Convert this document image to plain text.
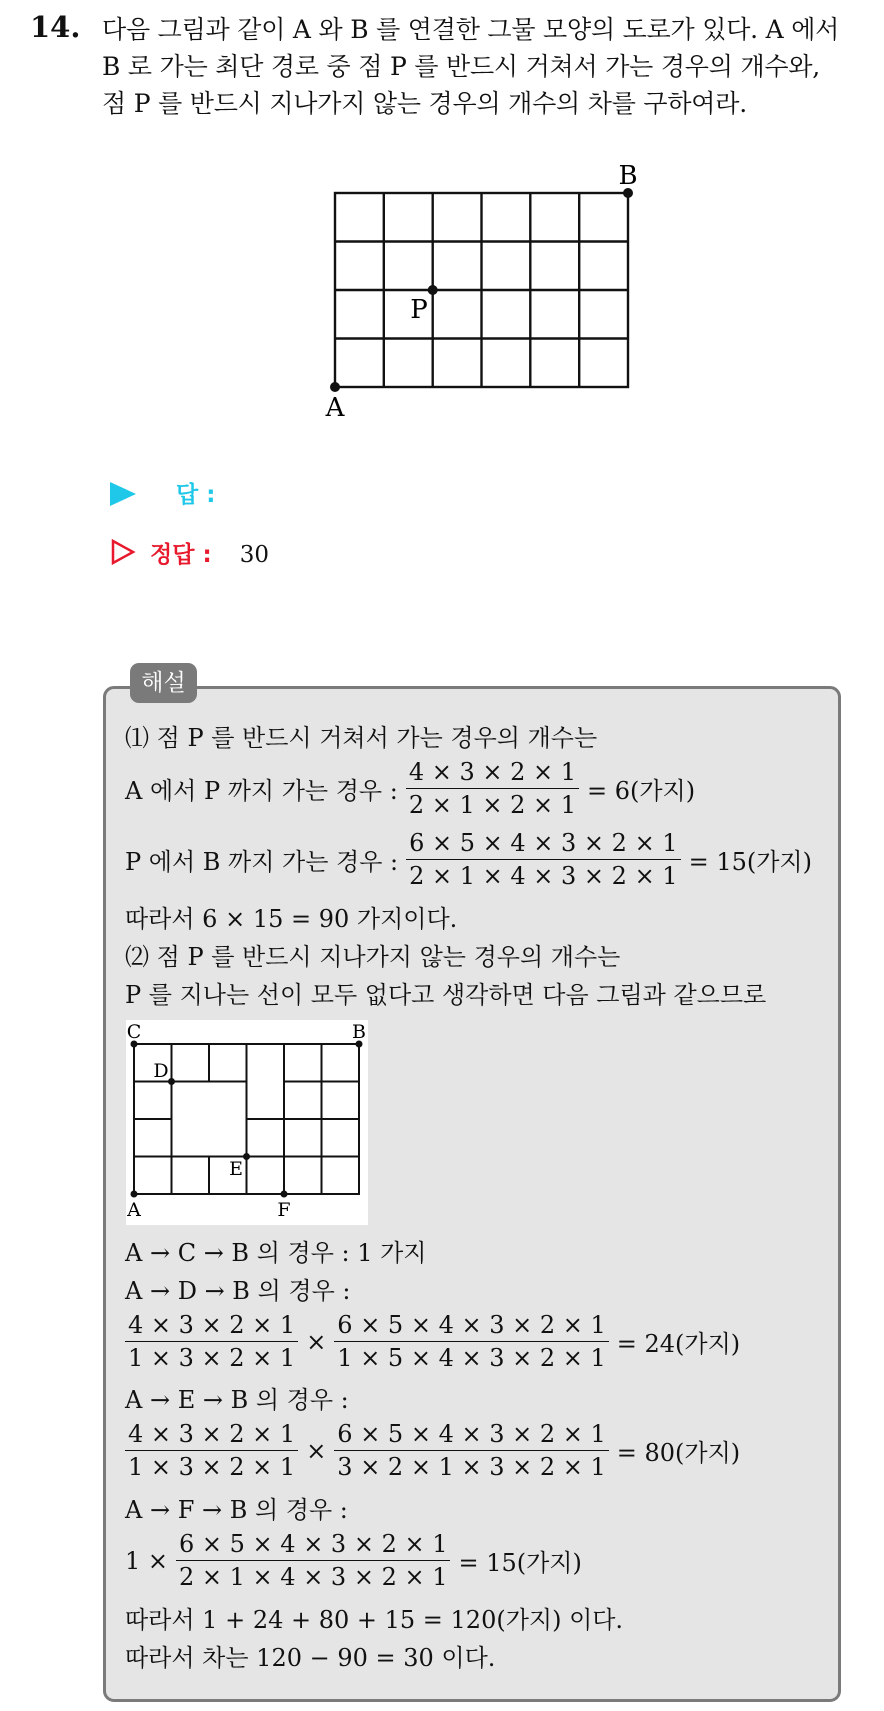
14. 다음 그림과 같이 A 와 B 를 연결한 그물 모양의 도로가 있다. A 에서
B 로 가는 최단 경로 중 점 P 를 반드시 거쳐서 가는 경우의 개수와,
점 P 를 반드시 지나가지 않는 경우의 개수의 차를 구하여라.
A
B
P
답 :
정답 : 30
해설
⑴ 점 P 를 반드시 거쳐서 가는 경우의 개수는
A 에서 P 까지 가는 경우 : $\frac{4 \times 3 \times 2 \times 1}{2 \times 1 \times 2 \times 1} = 6$(가지)
P 에서 B 까지 가는 경우 : $\frac{6 \times 5 \times 4 \times 3 \times 2 \times 1}{2 \times 1 \times 4 \times 3 \times 2 \times 1} = 15$(가지)
따라서 6 × 15 = 90 가지이다.
⑵ 점 P 를 반드시 지나가지 않는 경우의 개수는
P 를 지나는 선이 모두 없다고 생각하면 다음 그림과 같으므로
C	B
D
E
A	F
A → C → B 의 경우 : 1 가지
A → D → B 의 경우 :
$\frac{4 \times 3 \times 2 \times 1}{1 \times 3 \times 2 \times 1} \times \frac{6 \times 5 \times 4 \times 3 \times 2 \times 1}{1 \times 5 \times 4 \times 3 \times 2 \times 1} = 24$(가지)
A → E → B 의 경우 :
$\frac{4 \times 3 \times 2 \times 1}{1 \times 3 \times 2 \times 1} \times \frac{6 \times 5 \times 4 \times 3 \times 2 \times 1}{3 \times 2 \times 1 \times 3 \times 2 \times 1} = 80$(가지)
A → F → B 의 경우 :
$1 \times \frac{6 \times 5 \times 4 \times 3 \times 2 \times 1}{2 \times 1 \times 4 \times 3 \times 2 \times 1} = 15$(가지)
따라서 1 + 24 + 80 + 15 = 120(가지) 이다.
따라서 차는 120 − 90 = 30 이다.
